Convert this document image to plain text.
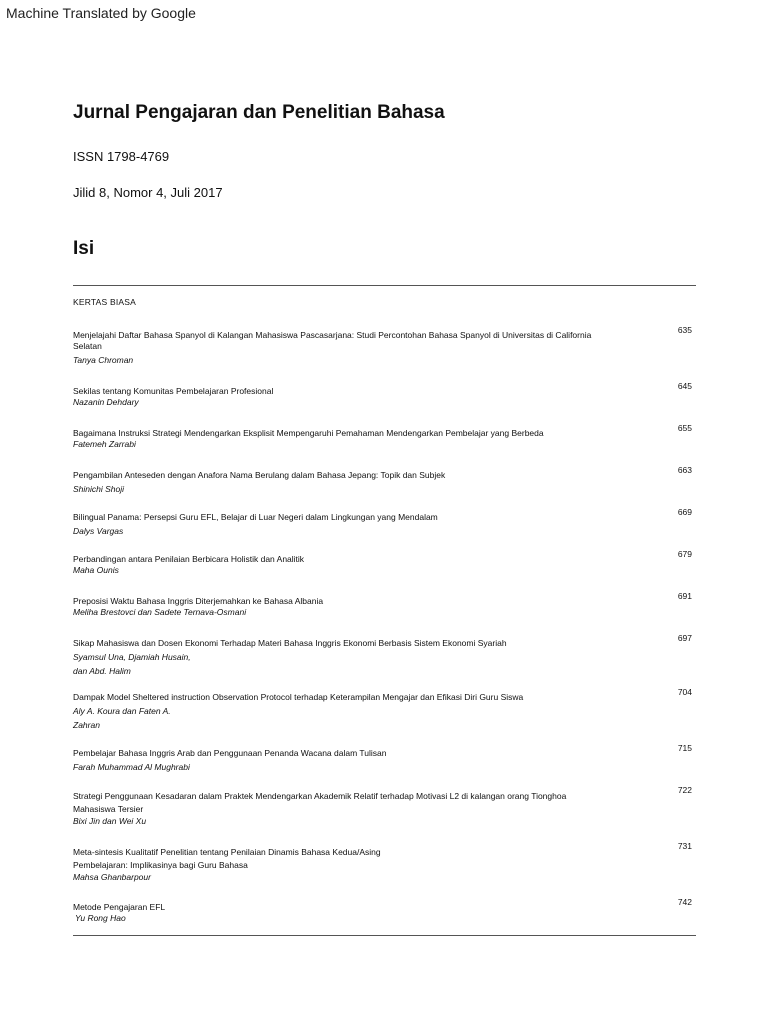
Machine Translated by Google
Jurnal Pengajaran dan Penelitian Bahasa
ISSN 1798-4769
Jilid 8, Nomor 4, Juli 2017
Isi
KERTAS BIASA
Menjelajahi Daftar Bahasa Spanyol di Kalangan Mahasiswa Pascasarjana: Studi Percontohan Bahasa Spanyol di Universitas di California Selatan
Tanya Chroman
635
Sekilas tentang Komunitas Pembelajaran Profesional
Nazanin Dehdary
645
Bagaimana Instruksi Strategi Mendengarkan Eksplisit Mempengaruhi Pemahaman Mendengarkan Pembelajar yang Berbeda
Fatemeh Zarrabi
655
Pengambilan Anteseden dengan Anafora Nama Berulang dalam Bahasa Jepang: Topik dan Subjek
Shinichi Shoji
663
Bilingual Panama: Persepsi Guru EFL, Belajar di Luar Negeri dalam Lingkungan yang Mendalam
Dalys Vargas
669
Perbandingan antara Penilaian Berbicara Holistik dan Analitik
Maha Ounis
679
Preposisi Waktu Bahasa Inggris Diterjemahkan ke Bahasa Albania
Meliha Brestovci dan Sadete Ternava-Osmani
691
Sikap Mahasiswa dan Dosen Ekonomi Terhadap Materi Bahasa Inggris Ekonomi Berbasis Sistem Ekonomi Syariah
Syamsul Una, Djamiah Husain,
dan Abd. Halim
697
Dampak Model Sheltered instruction Observation Protocol terhadap Keterampilan Mengajar dan Efikasi Diri Guru Siswa
Aly A. Koura dan Faten A.
Zahran
704
Pembelajar Bahasa Inggris Arab dan Penggunaan Penanda Wacana dalam Tulisan
Farah Muhammad Al Mughrabi
715
Strategi Penggunaan Kesadaran dalam Praktek Mendengarkan Akademik Relatif terhadap Motivasi L2 di kalangan orang Tionghoa Mahasiswa Tersier
Bixi Jin dan Wei Xu
722
Meta-sintesis Kualitatif Penelitian tentang Penilaian Dinamis Bahasa Kedua/Asing Pembelajaran: Implikasinya bagi Guru Bahasa
Mahsa Ghanbarpour
731
Metode Pengajaran EFL
Yu Rong Hao
742
